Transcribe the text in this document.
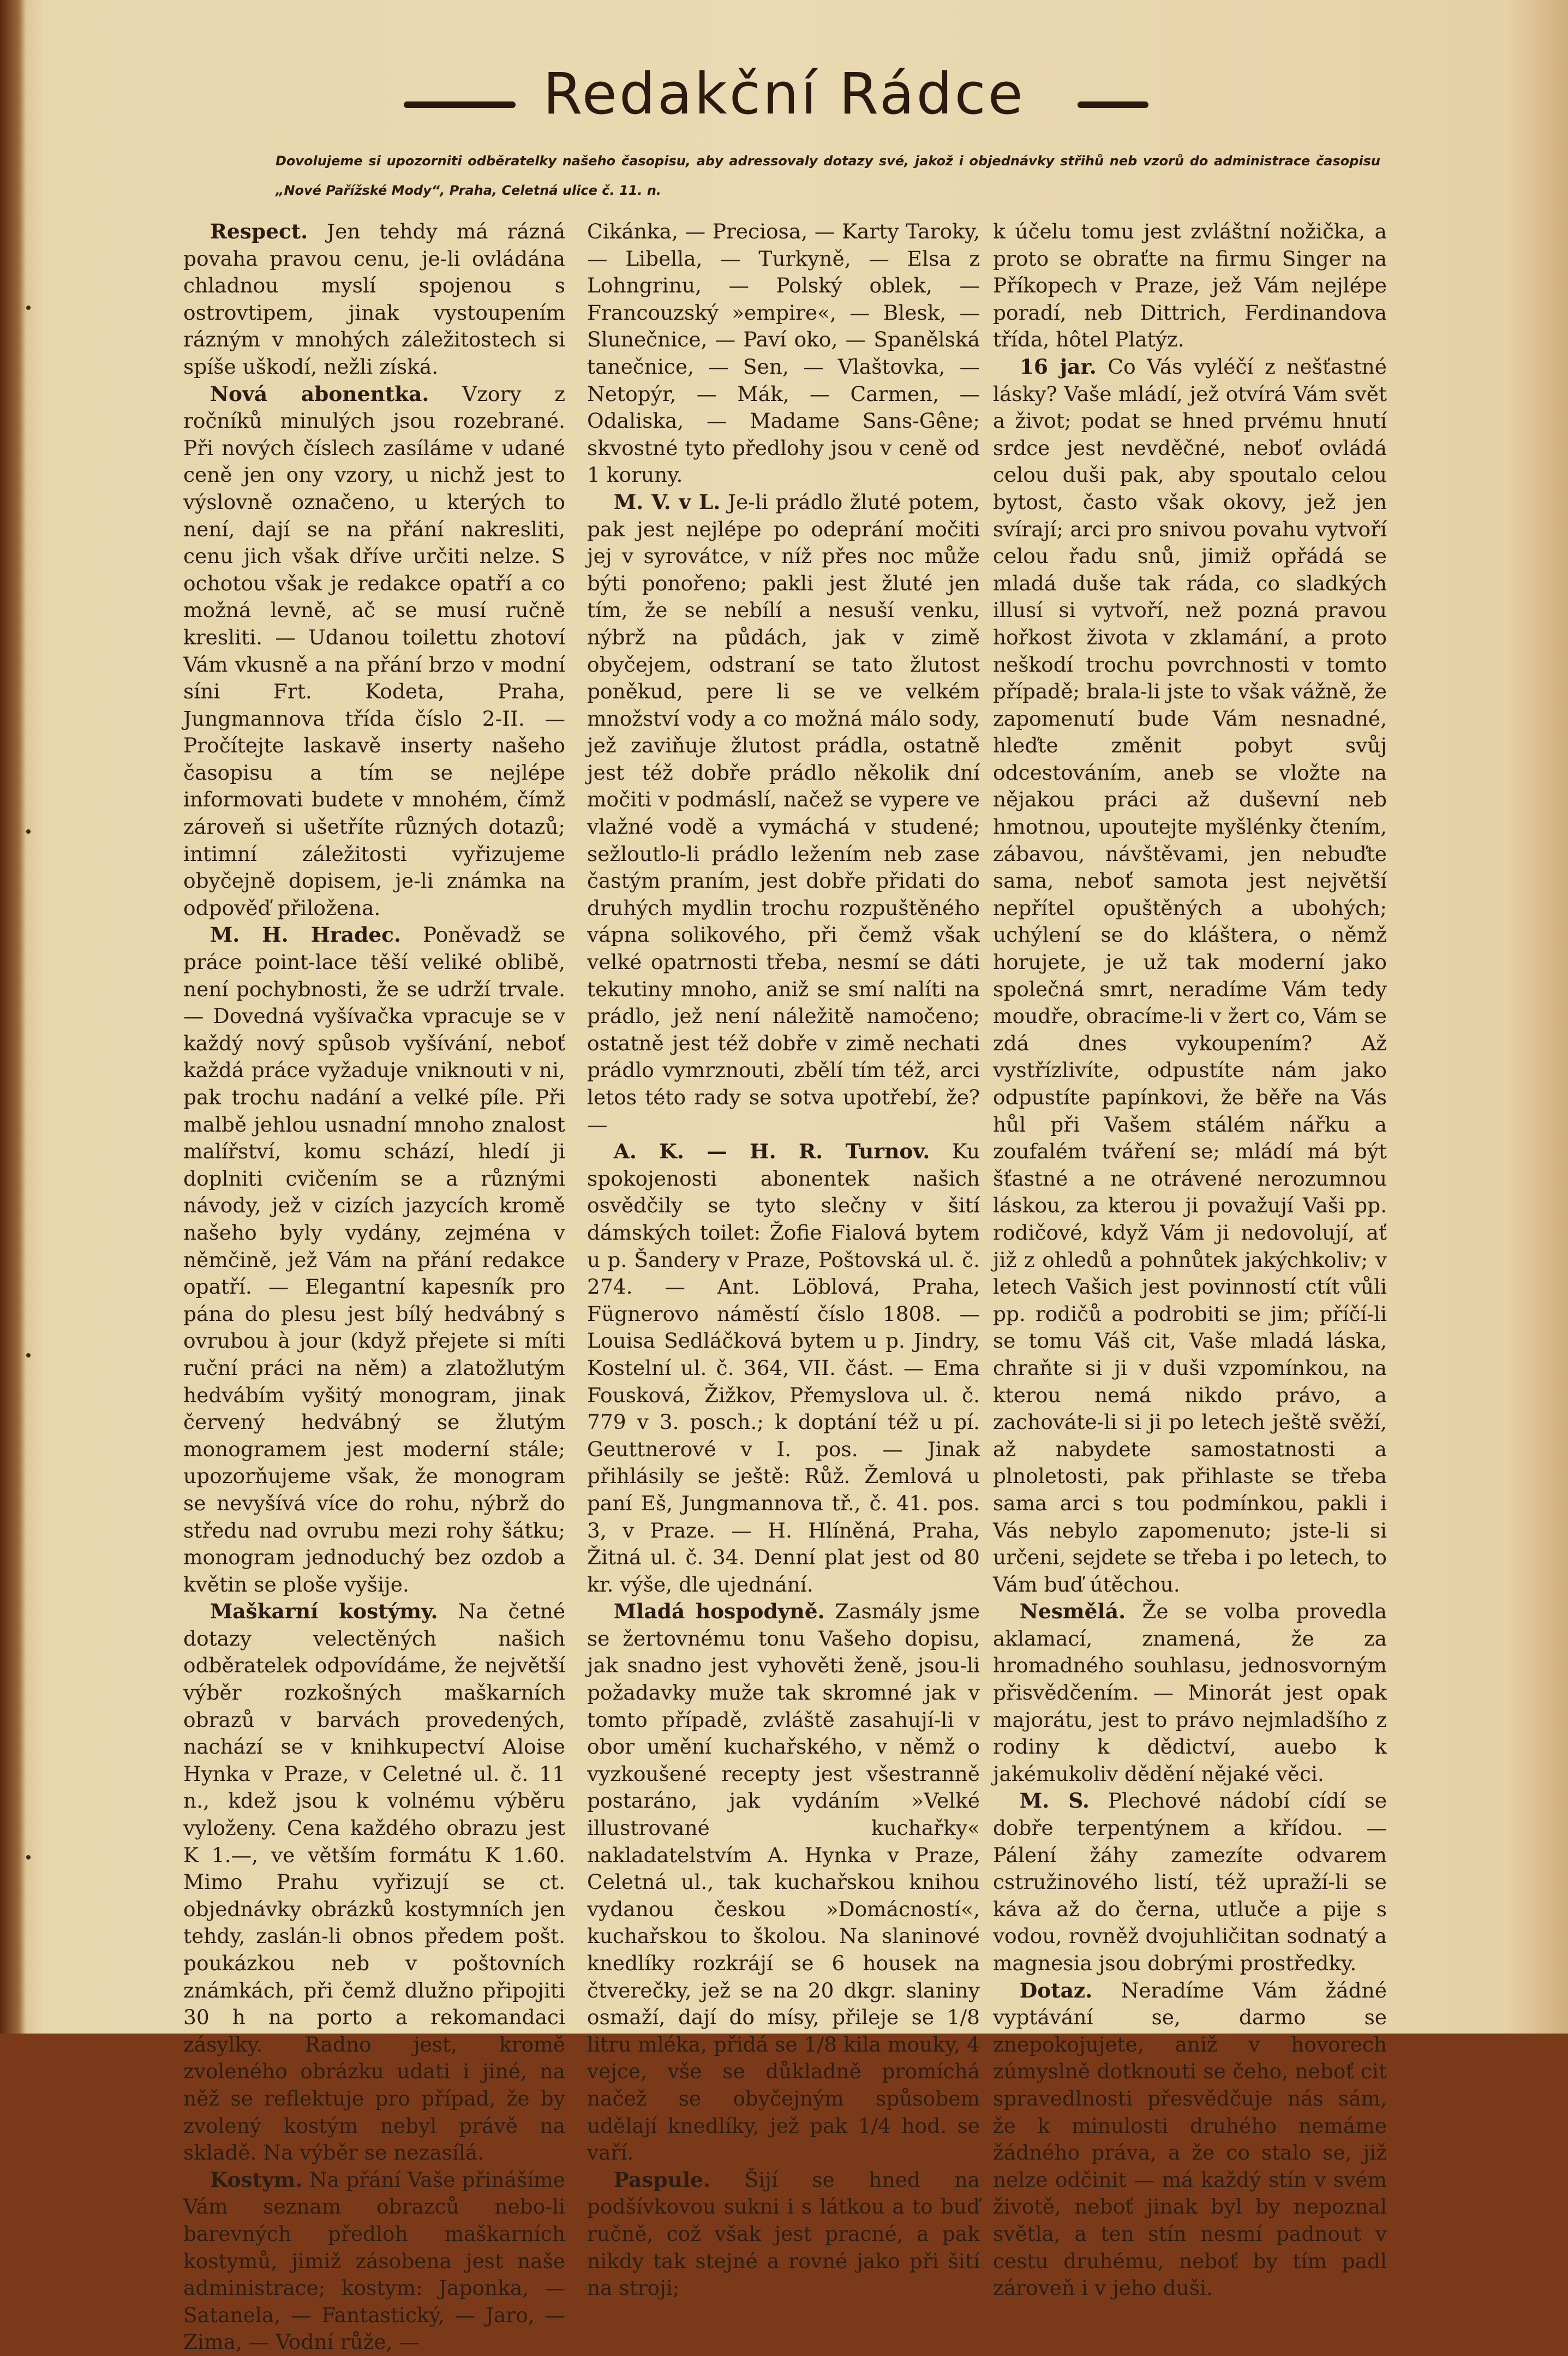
Redakční Rádce
Dovolujeme si upozorniti odběratelky našeho časopisu, aby adressovaly dotazy své, jakož i objednávky střihů neb vzorů do administrace časopisu „Nové Pařížské Mody“, Praha, Celetná ulice č. 11. n.

Respect. Jen tehdy má rázná povaha pravou cenu, je-li ovládána chladnou myslí spojenou s ostrovtipem, jinak vystoupením rázným v mnohých záležitostech si spíše uškodí, nežli získá.

Nová abonentka. Vzory z ročníků minulých jsou rozebrané. Při nových číslech zasíláme v udané ceně jen ony vzory, u nichž jest to výslovně označeno, u kterých to není, dají se na přání nakresliti, cenu jich však dříve určiti nelze. S ochotou však je redakce opatří a co možná levně, ač se musí ručně kresliti. — Udanou toilettu zhotoví Vám vkusně a na přání brzo v modní síni Frt. Kodeta, Praha, Jungmannova třída číslo 2-II. — Pročítejte laskavě inserty našeho časopisu a tím se nejlépe informovati budete v mnohém, čímž zároveň si ušetříte různých dotazů; intimní záležitosti vyřizujeme obyčejně dopisem, je-li známka na odpověď přiložena.

M. H. Hradec. Poněvadž se práce point-lace těší veliké oblibě, není pochybnosti, že se udrží trvale. — Dovedná vyšívačka vpracuje se v každý nový spůsob vyšívání, neboť každá práce vyžaduje vniknouti v ni, pak trochu nadání a velké píle. Při malbě jehlou usnadní mnoho znalost malířství, komu schází, hledí ji doplniti cvičením se a různými návody, jež v cizích jazycích kromě našeho byly vydány, zejména v němčině, jež Vám na přání redakce opatří. — Elegantní kapesník pro pána do plesu jest bílý hedvábný s ovrubou à jour (když přejete si míti ruční práci na něm) a zlatožlutým hedvábím vyšitý monogram, jinak červený hedvábný se žlutým monogramem jest moderní stále; upozorňujeme však, že monogram se nevyšívá více do rohu, nýbrž do středu nad ovrubu mezi rohy šátku; monogram jednoduchý bez ozdob a květin se ploše vyšije.

Maškarní kostýmy. Na četné dotazy velectěných našich odběratelek odpovídáme, že největší výběr rozkošných maškarních obrazů v barvách provedených, nachází se v knihkupectví Aloise Hynka v Praze, v Celetné ul. č. 11 n., kdež jsou k volnému výběru vyloženy. Cena každého obrazu jest K 1.—, ve větším formátu K 1.60. Mimo Prahu vyřizují se ct. objednávky obrázků kostymních jen tehdy, zaslán-li obnos předem pošt. poukázkou neb v poštovních známkách, při čemž dlužno připojiti 30 h na porto a rekomandaci zásylky. Radno jest, kromě zvoleného obrázku udati i jiné, na něž se reflektuje pro případ, že by zvolený kostým nebyl právě na skladě. Na výběr se nezasílá.

Kostym. Na přání Vaše přinášíme Vám seznam obrazců nebo-li barevných předloh maškarních kostymů, jimiž zásobena jest naše administrace; kostym: Japonka, — Satanela, — Fantastický, — Jaro, — Zima, — Vodní růže, —

Cikánka, — Preciosa, — Karty Taroky, — Libella, — Turkyně, — Elsa z Lohngrinu, — Polský oblek, — Francouzský »empire«, — Blesk, — Slunečnice, — Paví oko, — Spanělská tanečnice, — Sen, — Vlaštovka, — Netopýr, — Mák, — Carmen, — Odaliska, — Madame Sans-Gêne; skvostné tyto předlohy jsou v ceně od 1 koruny.

M. V. v L. Je-li prádlo žluté potem, pak jest nejlépe po odeprání močiti jej v syrovátce, v níž přes noc může býti ponořeno; pakli jest žluté jen tím, že se nebílí a nesuší venku, nýbrž na půdách, jak v zimě obyčejem, odstraní se tato žlutost poněkud, pere li se ve velkém množství vody a co možná málo sody, jež zaviňuje žlutost prádla, ostatně jest též dobře prádlo několik dní močiti v podmáslí, načež se vypere ve vlažné vodě a vymáchá v studené; sežloutlo-li prádlo ležením neb zase častým praním, jest dobře přidati do druhých mydlin trochu rozpuštěného vápna solikového, při čemž však velké opatrnosti třeba, nesmí se dáti tekutiny mnoho, aniž se smí nalíti na prádlo, jež není náležitě namočeno; ostatně jest též dobře v zimě nechati prádlo vymrznouti, zbělí tím též, arci letos této rady se sotva upotřebí, že? —

A. K. — H. R. Turnov. Ku spokojenosti abonentek našich osvědčily se tyto slečny v šití dámských toilet: Žofie Fialová bytem u p. Šandery v Praze, Poštovská ul. č. 274. — Ant. Löblová, Praha, Fügnerovo náměstí číslo 1808. — Louisa Sedláčková bytem u p. Jindry, Kostelní ul. č. 364, VII. část. — Ema Fousková, Žižkov, Přemyslova ul. č. 779 v 3. posch.; k doptání též u pí. Geuttnerové v I. pos. — Jinak přihlásily se ještě: Růž. Žemlová u paní Eš, Jungmannova tř., č. 41. pos. 3, v Praze. — H. Hlíněná, Praha, Žitná ul. č. 34. Denní plat jest od 80 kr. výše, dle ujednání.

Mladá hospodyně. Zasmály jsme se žertovnému tonu Vašeho dopisu, jak snadno jest vyhověti ženě, jsou-li požadavky muže tak skromné jak v tomto případě, zvláště zasahují-li v obor umění kuchařského, v němž o vyzkoušené recepty jest všestranně postaráno, jak vydáním »Velké illustrované kuchařky« nakladatelstvím A. Hynka v Praze, Celetná ul., tak kuchařskou knihou vydanou českou »Domácností«, kuchařskou to školou. Na slaninové knedlíky rozkrájí se 6 housek na čtverečky, jež se na 20 dkgr. slaniny osmaží, dají do mísy, přileje se 1/8 litru mléka, přidá se 1/8 kila mouky, 4 vejce, vše se důkladně promíchá načež se obyčejným spůsobem udělají knedlíky, jež pak 1/4 hod. se vaří.

Paspule. Šijí se hned na podšívkovou sukni i s látkou a to buď ručně, což však jest pracné, a pak nikdy tak stejné a rovné jako při šití na stroji;

k účelu tomu jest zvláštní nožička, a proto se obraťte na firmu Singer na Příkopech v Praze, jež Vám nejlépe poradí, neb Dittrich, Ferdinandova třída, hôtel Platýz.

16 jar. Co Vás vyléčí z nešťastné lásky? Vaše mládí, jež otvírá Vám svět a život; podat se hned prvému hnutí srdce jest nevděčné, neboť ovládá celou duši pak, aby spoutalo celou bytost, často však okovy, jež jen svírají; arci pro snivou povahu vytvoří celou řadu snů, jimiž opřádá se mladá duše tak ráda, co sladkých illusí si vytvoří, než pozná pravou hořkost života v zklamání, a proto neškodí trochu povrchnosti v tomto případě; brala-li jste to však vážně, že zapomenutí bude Vám nesnadné, hleďte změnit pobyt svůj odcestováním, aneb se vložte na nějakou práci až duševní neb hmotnou, upoutejte myšlénky čtením, zábavou, návštěvami, jen nebuďte sama, neboť samota jest největší nepřítel opuštěných a ubohých; uchýlení se do kláštera, o němž horujete, je už tak moderní jako společná smrt, neradíme Vám tedy moudře, obracíme-li v žert co, Vám se zdá dnes vykoupením? Až vystřízlivíte, odpustíte nám jako odpustíte papínkovi, že běře na Vás hůl při Vašem stálém nářku a zoufalém tváření se; mládí má být šťastné a ne otrávené nerozumnou láskou, za kterou ji považují Vaši pp. rodičové, když Vám ji nedovolují, ať již z ohledů a pohnůtek jakýchkoliv; v letech Vašich jest povinností ctít vůli pp. rodičů a podrobiti se jim; příčí-li se tomu Váš cit, Vaše mladá láska, chraňte si ji v duši vzpomínkou, na kterou nemá nikdo právo, a zachováte-li si ji po letech ještě svěží, až nabydete samostatnosti a plnoletosti, pak přihlaste se třeba sama arci s tou podmínkou, pakli i Vás nebylo zapomenuto; jste-li si určeni, sejdete se třeba i po letech, to Vám buď útěchou.

Nesmělá. Že se volba provedla aklamací, znamená, že za hromadného souhlasu, jednosvorným přisvědčením. — Minorát jest opak majorátu, jest to právo nejmladšího z rodiny k dědictví, auebo k jakémukoliv dědění nějaké věci.

M. S. Plechové nádobí cídí se dobře terpentýnem a křídou. — Pálení žáhy zamezíte odvarem cstružinového listí, též upraží-li se káva až do černa, utluče a pije s vodou, rovněž dvojuhličitan sodnatý a magnesia jsou dobrými prostředky.

Dotaz. Neradíme Vám žádné vyptávání se, darmo se znepokojujete, aniž v hovorech zúmyslně dotknouti se čeho, neboť cit spravedlnosti přesvědčuje nás sám, že k minulosti druhého nemáme žádného práva, a že co stalo se, již nelze odčinit — má každý stín v svém životě, neboť jinak byl by nepoznal světla, a ten stín nesmí padnout v cestu druhému, neboť by tím padl zároveň i v jeho duši.
